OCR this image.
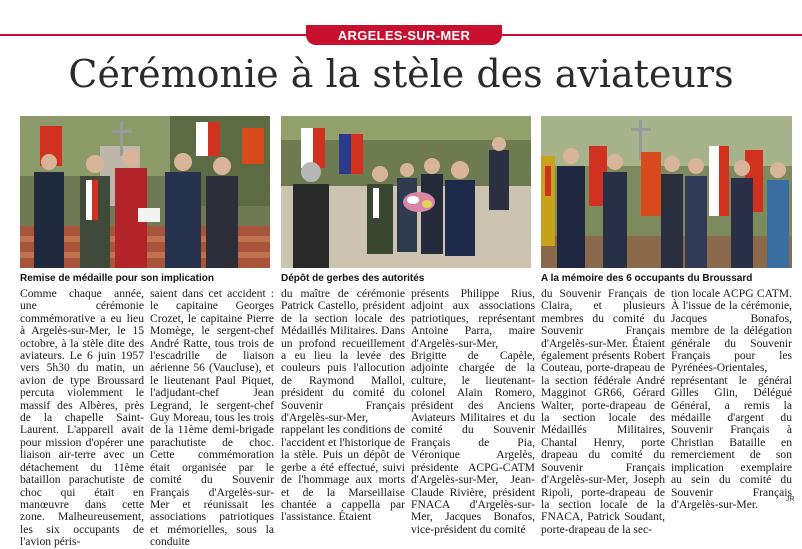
ARGELES-SUR-MER
Cérémonie à la stèle des aviateurs
Remise de médaille pour son implication	Dépôt de gerbes des autorités	A la mémoire des 6 occupants du Broussard
Comme chaque année, une cérémonie commémorative a eu lieu à Argelès-sur-Mer, le 15 octobre, à la stèle dite des aviateurs. Le 6 juin 1957 vers 5h30 du matin, un avion de type Broussard percuta violemment le massif des Albères, près de la chapelle Saint-Laurent. L'appareil avait pour mission d'opérer une liaison air-terre avec un détachement du 11ème bataillon parachutiste de choc qui était en manœuvre dans cette zone. Malheureusement, les six occupants de l'avion péris-
saient dans cet accident : le capitaine Georges Crozet, le capitaine Pierre Momège, le sergent-chef André Ratte, tous trois de l'escadrille de liaison aérienne 56 (Vaucluse), et le lieutenant Paul Piquet, l'adjudant-chef Jean Legrand, le sergent-chef Guy Moreau, tous les trois de la 11ème demi-brigade parachutiste de choc. Cette commémoration était organisée par le comité du Souvenir Français d'Argelès-sur-Mer et réunissait les associations patriotiques et mémorielles, sous la conduite
du maître de cérémonie Patrick Castello, président de la section locale des Médaillés Militaires. Dans un profond recueillement a eu lieu la levée des couleurs puis l'allocution de Raymond Mallol, président du comité du Souvenir Français d'Argelès-sur-Mer, rappelant les conditions de l'accident et l'historique de la stèle. Puis un dépôt de gerbe a été effectué, suivi de l'hommage aux morts et de la Marseillaise chantée a cappella par l'assistance. Étaient
présents Philippe Rius, adjoint aux associations patriotiques, représentant Antoine Parra, maire d'Argelès-sur-Mer, Brigitte de Capèle, adjointe chargée de la culture, le lieutenant-colonel Alain Romero, président des Anciens Aviateurs Militaires et du comité du Souvenir Français de Pia, Véronique Argelès, présidente ACPG-CATM d'Argelès-sur-Mer, Jean-Claude Rivière, président FNACA d'Argelès-sur-Mer, Jacques Bonafos, vice-président du comité
du Souvenir Français de Claira, et plusieurs membres du comité du Souvenir Français d'Argelès-sur-Mer. Étaient également présents Robert Couteau, porte-drapeau de la section fédérale André Magginot GR66, Gérard Walter, porte-drapeau de la section locale des Médaillés Militaires, Chantal Henry, porte drapeau du comité du Souvenir Français d'Argelès-sur-Mer, Joseph Ripoli, porte-drapeau de la section locale de la FNACA, Patrick Soudant, porte-drapeau de la sec-
tion locale ACPG CATM. À l'issue de la cérémonie, Jacques Bonafos, membre de la délégation générale du Souvenir Français pour les Pyrénées-Orientales, représentant le général Gilles Glin, Délégué Général, a remis la médaille d'argent du Souvenir Français à Christian Bataille en remerciement de son implication exemplaire au sein du comité du Souvenir Français d'Argelès-sur-Mer.	JR
